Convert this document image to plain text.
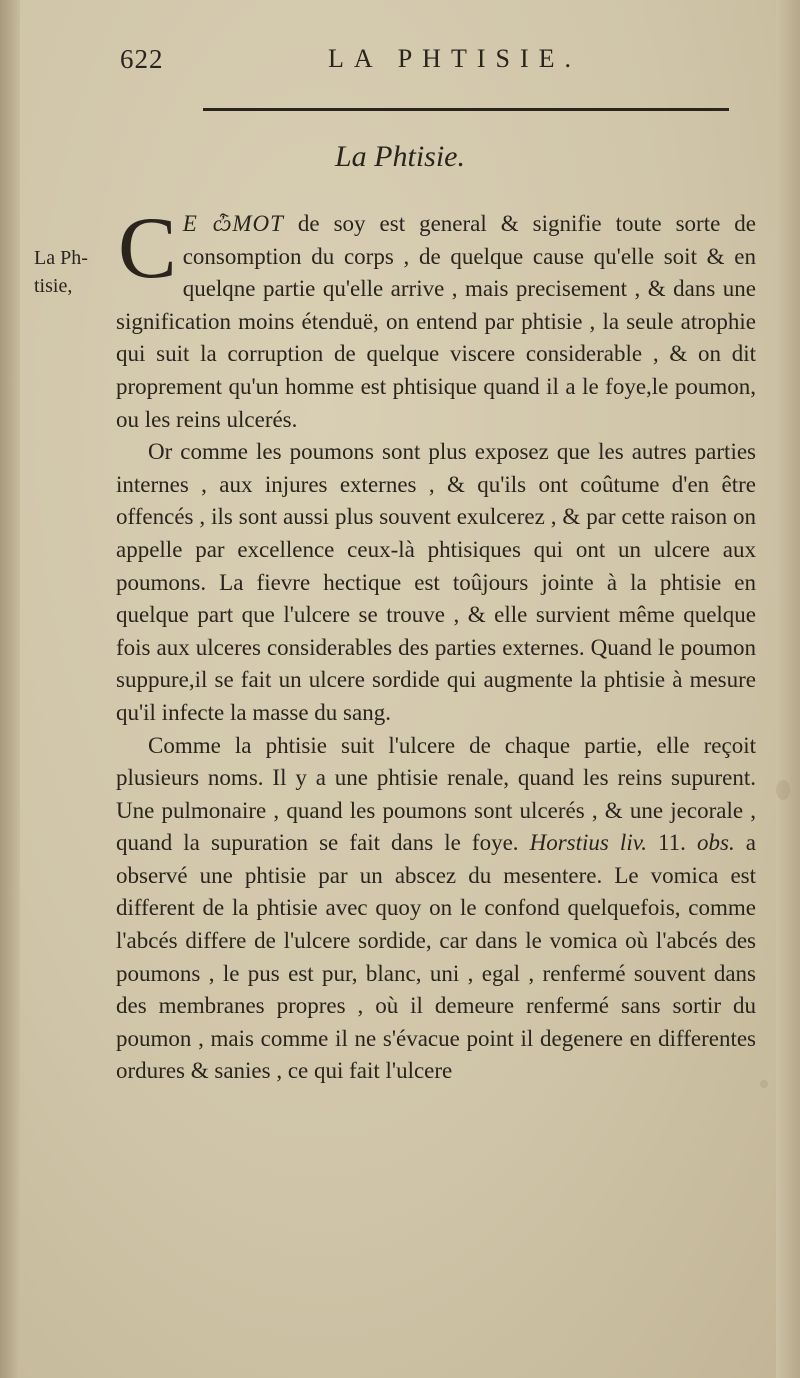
622	LA PHTISIE.
La Phtisie.
La Ph-
tisie, C E ѽMOT de soy est general & signifie toute sorte de consomption du corps , de quelque cause qu'elle soit & en quelqne partie qu'elle arrive , mais precisement , & dans une signification moins étenduë, on entend par phtisie , la seule atrophie qui suit la corruption de quelque viscere considerable , & on dit proprement qu'un homme est phtisique quand il a le foye,le poumon, ou les reins ulcerés.

Or comme les poumons sont plus exposez que les autres parties internes , aux injures externes , & qu'ils ont coûtume d'en être offencés , ils sont aussi plus souvent exulcerez , & par cette raison on appelle par excellence ceux-là phtisiques qui ont un ulcere aux poumons. La fievre hectique est toûjours jointe à la phtisie en quelque part que l'ulcere se trouve , & elle survient même quelque fois aux ulceres considerables des parties externes. Quand le poumon suppure,il se fait un ulcere sordide qui augmente la phtisie à mesure qu'il infecte la masse du sang.

Comme la phtisie suit l'ulcere de chaque partie, elle reçoit plusieurs noms. Il y a une phtisie renale, quand les reins supurent. Une pulmonaire , quand les poumons sont ulcerés , & une jecorale , quand la supuration se fait dans le foye. Horstius liv. 11. obs. a observé une phtisie par un abscez du mesentere. Le vomica est different de la phtisie avec quoy on le confond quelquefois, comme l'abcés differe de l'ulcere sordide, car dans le vomica où l'abcés des poumons , le pus est pur, blanc, uni , egal , renfermé souvent dans des membranes propres , où il demeure renfermé sans sortir du poumon , mais comme il ne s'évacue point il degenere en differentes ordures & sanies , ce qui fait l'ulcere
